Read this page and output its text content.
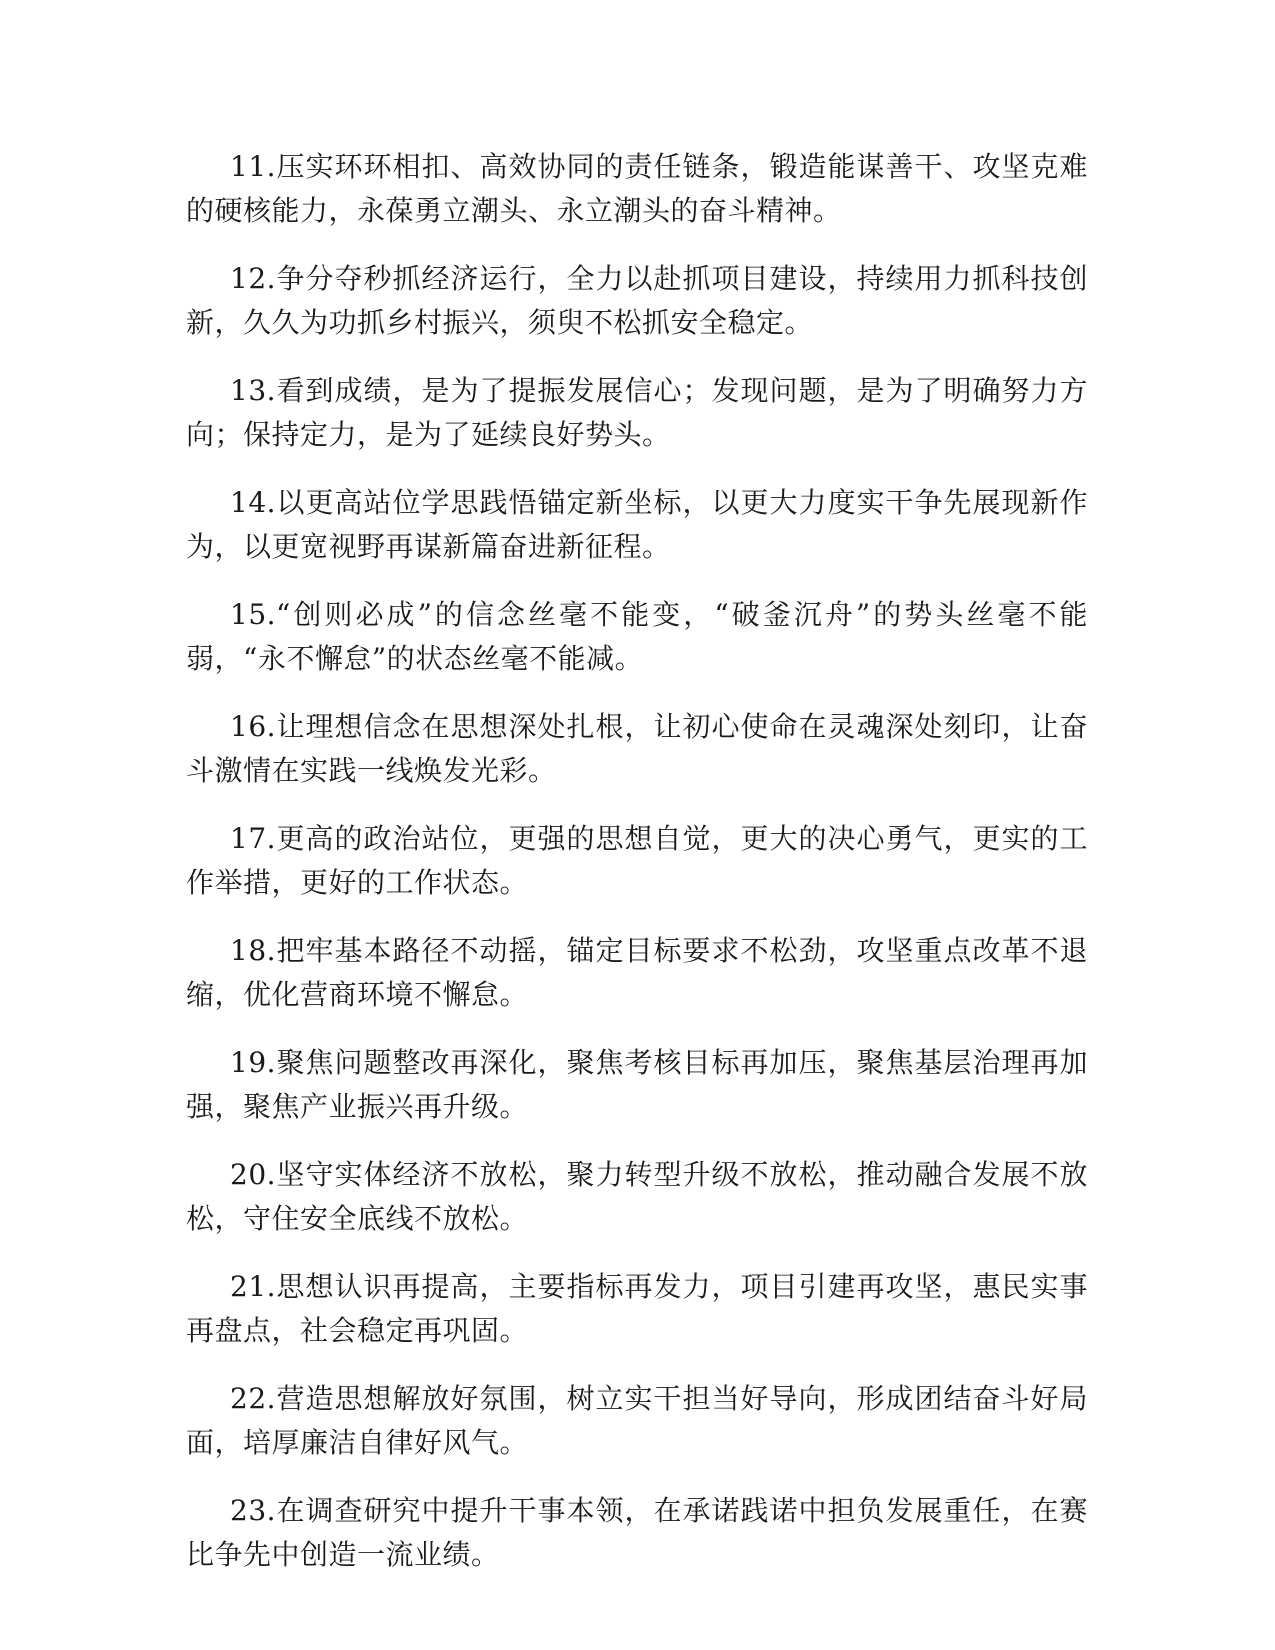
11.压实环环相扣、高效协同的责任链条，锻造能谋善干、攻坚克难的硬核能力，永葆勇立潮头、永立潮头的奋斗精神。

12.争分夺秒抓经济运行，全力以赴抓项目建设，持续用力抓科技创新，久久为功抓乡村振兴，须臾不松抓安全稳定。

13.看到成绩，是为了提振发展信心；发现问题，是为了明确努力方向；保持定力，是为了延续良好势头。

14.以更高站位学思践悟锚定新坐标，以更大力度实干争先展现新作为，以更宽视野再谋新篇奋进新征程。

15.“创则必成”的信念丝毫不能变，“破釜沉舟”的势头丝毫不能弱，“永不懈怠”的状态丝毫不能减。

16.让理想信念在思想深处扎根，让初心使命在灵魂深处刻印，让奋斗激情在实践一线焕发光彩。

17.更高的政治站位，更强的思想自觉，更大的决心勇气，更实的工作举措，更好的工作状态。

18.把牢基本路径不动摇，锚定目标要求不松劲，攻坚重点改革不退缩，优化营商环境不懈怠。

19.聚焦问题整改再深化，聚焦考核目标再加压，聚焦基层治理再加强，聚焦产业振兴再升级。

20.坚守实体经济不放松，聚力转型升级不放松，推动融合发展不放松，守住安全底线不放松。

21.思想认识再提高，主要指标再发力，项目引建再攻坚，惠民实事再盘点，社会稳定再巩固。

22.营造思想解放好氛围，树立实干担当好导向，形成团结奋斗好局面，培厚廉洁自律好风气。

23.在调查研究中提升干事本领，在承诺践诺中担负发展重任，在赛比争先中创造一流业绩。
